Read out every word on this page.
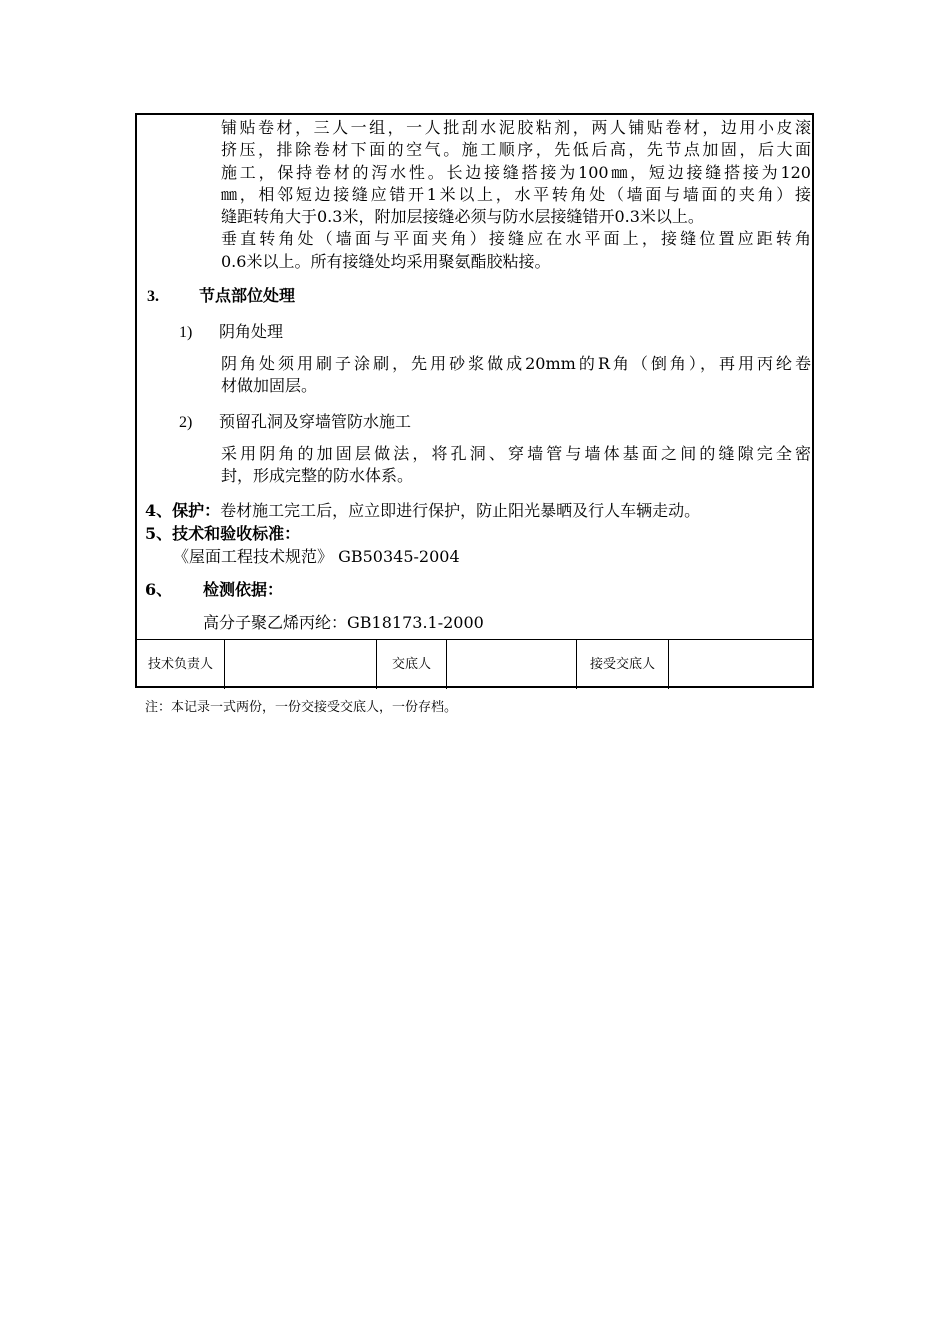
铺贴卷材，三人一组，一人批刮水泥胶粘剂，两人铺贴卷材，边用小皮滚
挤压，排除卷材下面的空气。施工顺序，先低后高，先节点加固，后大面
施工，保持卷材的泻水性。长边接缝搭接为100㎜，短边接缝搭接为120
㎜，相邻短边接缝应错开1米以上，水平转角处（墙面与墙面的夹角）接
缝距转角大于0.3米，附加层接缝必须与防水层接缝错开0.3米以上。
垂直转角处（墙面与平面夹角）接缝应在水平面上，接缝位置应距转角
0.6米以上。所有接缝处均采用聚氨酯胶粘接。
3.	节点部位处理
1) 阴角处理
阴角处须用刷子涂刷，先用砂浆做成20mm的R角（倒角），再用丙纶卷
材做加固层。
2) 预留孔洞及穿墙管防水施工
采用阴角的加固层做法，将孔洞、穿墙管与墙体基面之间的缝隙完全密
封，形成完整的防水体系。
4、保护：卷材施工完工后，应立即进行保护，防止阳光暴晒及行人车辆走动。
5、技术和验收标准：
《屋面工程技术规范》 GB50345-2004
6、 检测依据：
高分子聚乙烯丙纶：GB18173.1-2000
技术负责人	交底人	接受交底人
注：本记录一式两份，一份交接受交底人，一份存档。
